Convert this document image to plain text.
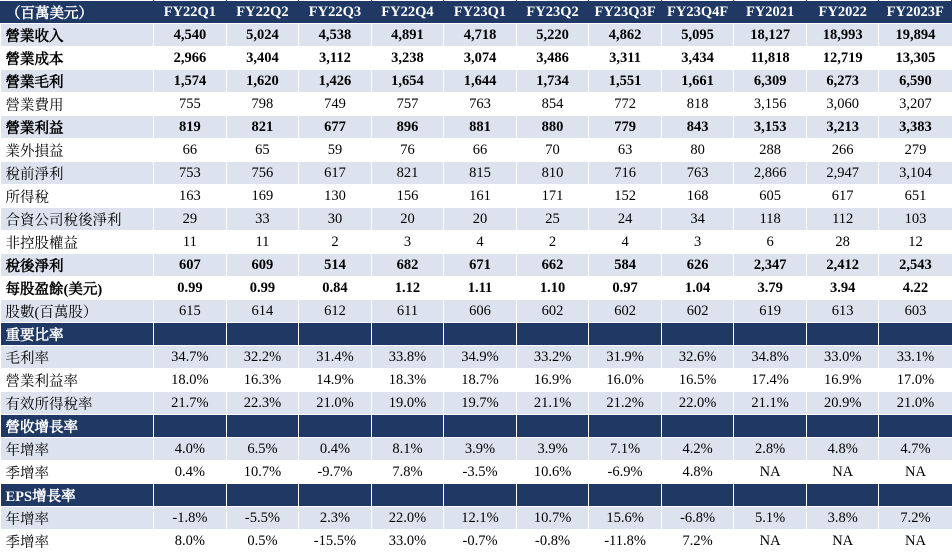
（百萬美元）	FY22Q1	FY22Q2	FY22Q3	FY22Q4	FY23Q1	FY23Q2	FY23Q3F	FY23Q4F	FY2021	FY2022	FY2023F
營業收入	4,540	5,024	4,538	4,891	4,718	5,220	4,862	5,095	18,127	18,993	19,894
營業成本	2,966	3,404	3,112	3,238	3,074	3,486	3,311	3,434	11,818	12,719	13,305
營業毛利	1,574	1,620	1,426	1,654	1,644	1,734	1,551	1,661	6,309	6,273	6,590
營業費用	755	798	749	757	763	854	772	818	3,156	3,060	3,207
營業利益	819	821	677	896	881	880	779	843	3,153	3,213	3,383
業外損益	66	65	59	76	66	70	63	80	288	266	279
稅前淨利	753	756	617	821	815	810	716	763	2,866	2,947	3,104
所得稅	163	169	130	156	161	171	152	168	605	617	651
合資公司稅後淨利	29	33	30	20	20	25	24	34	118	112	103
非控股權益	11	11	2	3	4	2	4	3	6	28	12
稅後淨利	607	609	514	682	671	662	584	626	2,347	2,412	2,543
每股盈餘(美元)	0.99	0.99	0.84	1.12	1.11	1.10	0.97	1.04	3.79	3.94	4.22
股數(百萬股）	615	614	612	611	606	602	602	602	619	613	603
重要比率											
毛利率	34.7%	32.2%	31.4%	33.8%	34.9%	33.2%	31.9%	32.6%	34.8%	33.0%	33.1%
營業利益率	18.0%	16.3%	14.9%	18.3%	18.7%	16.9%	16.0%	16.5%	17.4%	16.9%	17.0%
有效所得稅率	21.7%	22.3%	21.0%	19.0%	19.7%	21.1%	21.2%	22.0%	21.1%	20.9%	21.0%
營收增長率											
年增率	4.0%	6.5%	0.4%	8.1%	3.9%	3.9%	7.1%	4.2%	2.8%	4.8%	4.7%
季增率	0.4%	10.7%	-9.7%	7.8%	-3.5%	10.6%	-6.9%	4.8%	NA	NA	NA
EPS增長率											
年增率	-1.8%	-5.5%	2.3%	22.0%	12.1%	10.7%	15.6%	-6.8%	5.1%	3.8%	7.2%
季增率	8.0%	0.5%	-15.5%	33.0%	-0.7%	-0.8%	-11.8%	7.2%	NA	NA	NA
